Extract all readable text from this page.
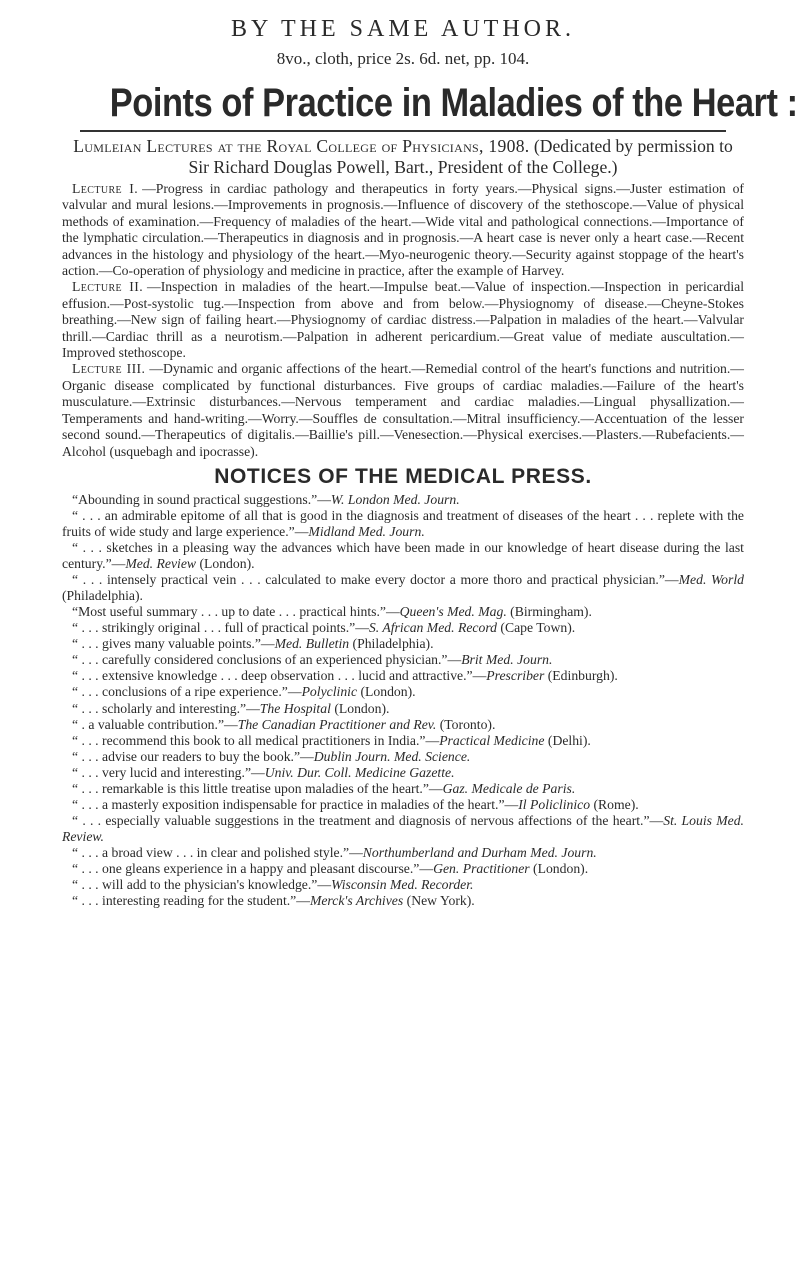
BY THE SAME AUTHOR.
8vo., cloth, price 2s. 6d. net, pp. 104.
Points of Practice in Maladies of the Heart :
Lumleian Lectures at the Royal College of Physicians, 1908. (Dedicated by permission to Sir Richard Douglas Powell, Bart., President of the College.)

Lecture I. —Progress in cardiac pathology and therapeutics in forty years.—Physical signs.—Juster estimation of valvular and mural lesions.—Improvements in prognosis.—Influence of discovery of the stethoscope.—Value of physical methods of examination.—Frequency of maladies of the heart.—Wide vital and pathological connections.—Importance of the lymphatic circulation.—Therapeutics in diagnosis and in prognosis.—A heart case is never only a heart case.—Recent advances in the histology and physiology of the heart.—Myo-neurogenic theory.—Security against stoppage of the heart's action.—Co-operation of physiology and medicine in practice, after the example of Harvey.

Lecture II. —Inspection in maladies of the heart.—Impulse beat.—Value of inspection.—Inspection in pericardial effusion.—Post-systolic tug.—Inspection from above and from below.—Physiognomy of disease.—Cheyne-Stokes breathing.—New sign of failing heart.—Physiognomy of cardiac distress.—Palpation in maladies of the heart.—Valvular thrill.—Cardiac thrill as a neurotism.—Palpation in adherent pericardium.—Great value of mediate auscultation.—Improved stethoscope.

Lecture III. —Dynamic and organic affections of the heart.—Remedial control of the heart's functions and nutrition.—Organic disease complicated by functional disturbances. Five groups of cardiac maladies.—Failure of the heart's musculature.—Extrinsic disturbances.—Nervous temperament and cardiac maladies.—Lingual physallization.—Temperaments and hand-writing.—Worry.—Souffles de consultation.—Mitral insufficiency.—Accentuation of the lesser second sound.—Therapeutics of digitalis.—Baillie's pill.—Venesection.—Physical exercises.—Plasters.—Rubefacients.—Alcohol (usquebagh and ipocrasse).

NOTICES OF THE MEDICAL PRESS.

“Abounding in sound practical suggestions.”—W. London Med. Journ.

“ . . . an admirable epitome of all that is good in the diagnosis and treatment of diseases of the heart . . . replete with the fruits of wide study and large experience.”—Midland Med. Journ.

“ . . . sketches in a pleasing way the advances which have been made in our knowledge of heart disease during the last century.”—Med. Review (London).

“ . . . intensely practical vein . . . calculated to make every doctor a more thoro and practical physician.”—Med. World (Philadelphia).

“Most useful summary . . . up to date . . . practical hints.”—Queen's Med. Mag. (Birmingham).

“ . . . strikingly original . . . full of practical points.”—S. African Med. Record (Cape Town).

“ . . . gives many valuable points.”—Med. Bulletin (Philadelphia).

“ . . . carefully considered conclusions of an experienced physician.”—Brit Med. Journ.

“ . . . extensive knowledge . . . deep observation . . . lucid and attractive.”—Prescriber (Edinburgh).

“ . . . conclusions of a ripe experience.”—Polyclinic (London).

“ . . . scholarly and interesting.”—The Hospital (London).

“ . a valuable contribution.”—The Canadian Practitioner and Rev. (Toronto).

“ . . . recommend this book to all medical practitioners in India.”—Practical Medicine (Delhi).

“ . . . advise our readers to buy the book.”—Dublin Journ. Med. Science.

“ . . . very lucid and interesting.”—Univ. Dur. Coll. Medicine Gazette.

“ . . . remarkable is this little treatise upon maladies of the heart.”—Gaz. Medicale de Paris.

“ . . . a masterly exposition indispensable for practice in maladies of the heart.”—Il Policlinico (Rome).

“ . . . especially valuable suggestions in the treatment and diagnosis of nervous affections of the heart.”—St. Louis Med. Review.

“ . . . a broad view . . . in clear and polished style.”—Northumberland and Durham Med. Journ.

“ . . . one gleans experience in a happy and pleasant discourse.”—Gen. Practitioner (London).

“ . . . will add to the physician's knowledge.”—Wisconsin Med. Recorder.

“ . . . interesting reading for the student.”—Merck's Archives (New York).
